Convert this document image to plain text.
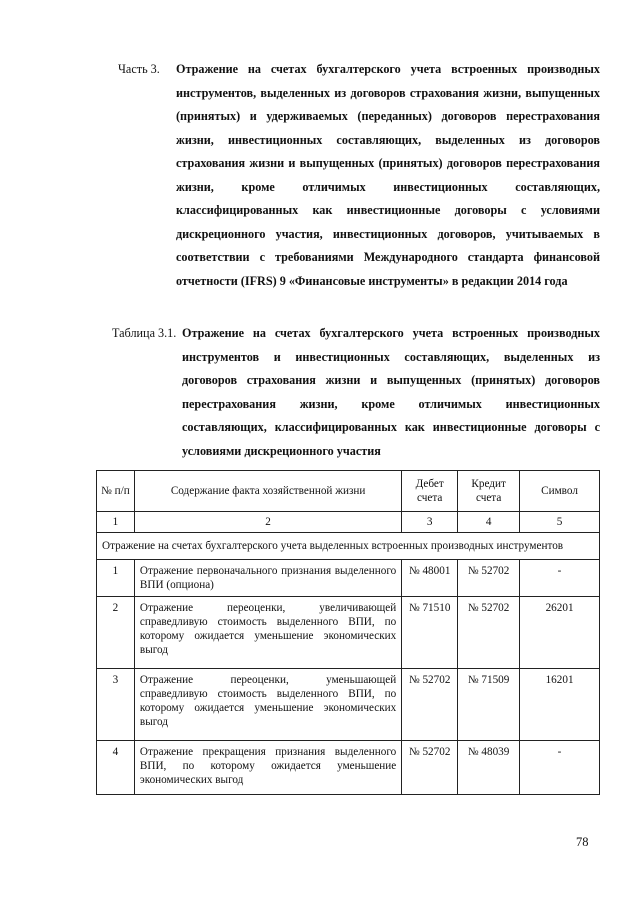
Часть 3. Отражение на счетах бухгалтерского учета встроенных производных инструментов, выделенных из договоров страхования жизни, выпущенных (принятых) и удерживаемых (переданных) договоров перестрахования жизни, инвестиционных составляющих, выделенных из договоров страхования жизни и выпущенных (принятых) договоров перестрахования жизни, кроме отличимых инвестиционных составляющих, классифицированных как инвестиционные договоры с условиями дискреционного участия, инвестиционных договоров, учитываемых в соответствии с требованиями Международного стандарта финансовой отчетности (IFRS) 9 «Финансовые инструменты» в редакции 2014 года
Таблица 3.1. Отражение на счетах бухгалтерского учета встроенных производных инструментов и инвестиционных составляющих, выделенных из договоров страхования жизни и выпущенных (принятых) договоров перестрахования жизни, кроме отличимых инвестиционных составляющих, классифицированных как инвестиционные договоры с условиями дискреционного участия
№ п/п	Содержание факта хозяйственной жизни	Дебет счета	Кредит счета	Символ
1	2	3	4	5
Отражение на счетах бухгалтерского учета выделенных встроенных производных инструментов				
1	Отражение первоначального признания выделенного ВПИ (опциона)	№ 48001	№ 52702	-
2	Отражение переоценки, увеличивающей справедливую стоимость выделенного ВПИ, по которому ожидается уменьшение экономических выгод	№ 71510	№ 52702	26201
3	Отражение переоценки, уменьшающей справедливую стоимость выделенного ВПИ, по которому ожидается уменьшение экономических выгод	№ 52702	№ 71509	16201
4	Отражение прекращения признания выделенного ВПИ, по которому ожидается уменьшение экономических выгод	№ 52702	№ 48039	-
78
